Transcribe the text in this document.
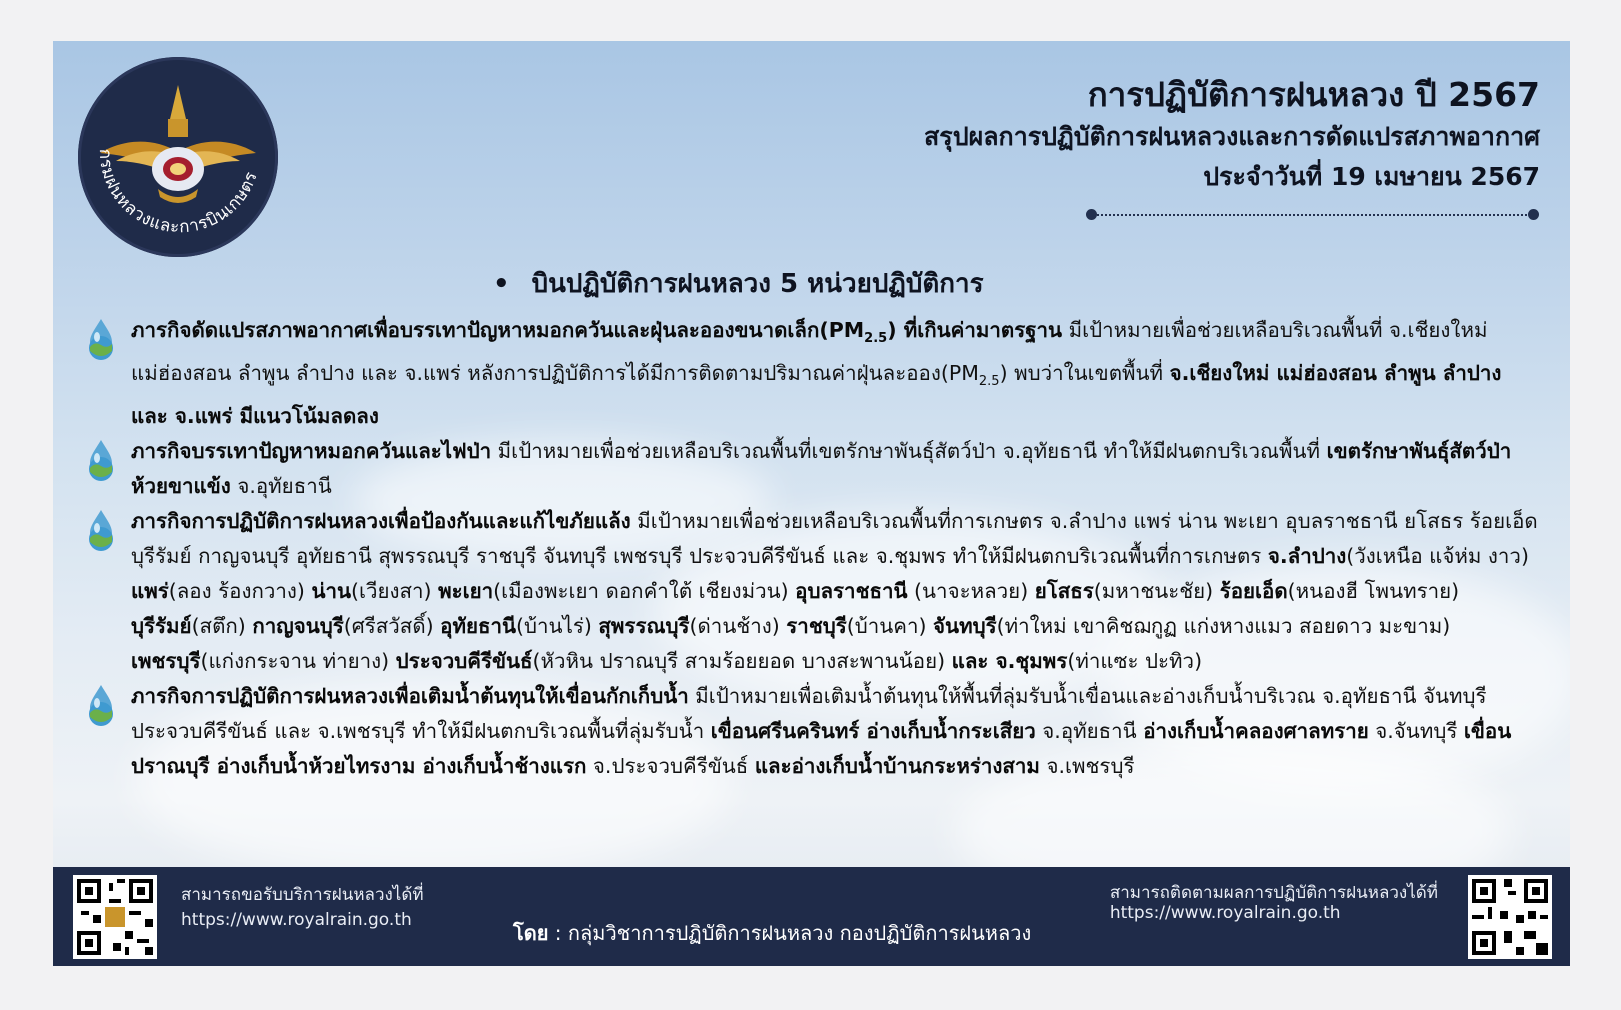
กรมฝนหลวงและการบินเกษตร
การปฏิบัติการฝนหลวง ปี 2567
สรุปผลการปฏิบัติการฝนหลวงและการดัดแปรสภาพอากาศ
ประจำวันที่ 19 เมษายน 2567
• บินปฏิบัติการฝนหลวง 5 หน่วยปฏิบัติการ
ภารกิจดัดแปรสภาพอากาศเพื่อบรรเทาปัญหาหมอกควันและฝุ่นละอองขนาดเล็ก$(PM_{2.5})$ ที่เกินค่ามาตรฐาน มีเป้าหมายเพื่อช่วยเหลือบริเวณพื้นที่ จ.เชียงใหม่ แม่ฮ่องสอน ลำพูน ลำปาง และ จ.แพร่ หลังการปฏิบัติการได้มีการติดตามปริมาณค่าฝุ่นละออง$(PM_{2.5})$ พบว่าในเขตพื้นที่ จ.เชียงใหม่ แม่ฮ่องสอน ลำพูน ลำปาง และ จ.แพร่ มีแนวโน้มลดลง
ภารกิจบรรเทาปัญหาหมอกควันและไฟป่า มีเป้าหมายเพื่อช่วยเหลือบริเวณพื้นที่เขตรักษาพันธุ์สัตว์ป่า จ.อุทัยธานี ทำให้มีฝนตกบริเวณพื้นที่ เขตรักษาพันธุ์สัตว์ป่าห้วยขาแข้ง จ.อุทัยธานี
ภารกิจการปฏิบัติการฝนหลวงเพื่อป้องกันและแก้ไขภัยแล้ง มีเป้าหมายเพื่อช่วยเหลือบริเวณพื้นที่การเกษตร จ.ลำปาง แพร่ น่าน พะเยา อุบลราชธานี ยโสธร ร้อยเอ็ด บุรีรัมย์ กาญจนบุรี อุทัยธานี สุพรรณบุรี ราชบุรี จันทบุรี เพชรบุรี ประจวบคีรีขันธ์ และ จ.ชุมพร ทำให้มีฝนตกบริเวณพื้นที่การเกษตร จ.ลำปาง(วังเหนือ แจ้ห่ม งาว) แพร่(ลอง ร้องกวาง) น่าน(เวียงสา) พะเยา(เมืองพะเยา ดอกคำใต้ เชียงม่วน) อุบลราชธานี (นาจะหลวย) ยโสธร(มหาชนะชัย) ร้อยเอ็ด(หนองฮี โพนทราย) บุรีรัมย์(สตึก) กาญจนบุรี(ศรีสวัสดิ์) อุทัยธานี(บ้านไร่) สุพรรณบุรี(ด่านช้าง) ราชบุรี(บ้านคา) จันทบุรี(ท่าใหม่ เขาคิชฌกูฏ แก่งหางแมว สอยดาว มะขาม) เพชรบุรี(แก่งกระจาน ท่ายาง) ประจวบคีรีขันธ์(หัวหิน ปราณบุรี สามร้อยยอด บางสะพานน้อย) และ จ.ชุมพร(ท่าแซะ ปะทิว)
ภารกิจการปฏิบัติการฝนหลวงเพื่อเติมน้ำต้นทุนให้เขื่อนกักเก็บน้ำ มีเป้าหมายเพื่อเติมน้ำต้นทุนให้พื้นที่ลุ่มรับน้ำเขื่อนและอ่างเก็บน้ำบริเวณ จ.อุทัยธานี จันทบุรี ประจวบคีรีขันธ์ และ จ.เพชรบุรี ทำให้มีฝนตกบริเวณพื้นที่ลุ่มรับน้ำ เขื่อนศรีนครินทร์ อ่างเก็บน้ำกระเสียว จ.อุทัยธานี อ่างเก็บน้ำคลองศาลทราย จ.จันทบุรี เขื่อนปราณบุรี อ่างเก็บน้ำห้วยไทรงาม อ่างเก็บน้ำช้างแรก จ.ประจวบคีรีขันธ์ และอ่างเก็บน้ำบ้านกระหร่างสาม จ.เพชรบุรี
สามารถขอรับบริการฝนหลวงได้ที่
https://www.royalrain.go.th
โดย : กลุ่มวิชาการปฏิบัติการฝนหลวง กองปฏิบัติการฝนหลวง
สามารถติดตามผลการปฏิบัติการฝนหลวงได้ที่
https://www.royalrain.go.th
